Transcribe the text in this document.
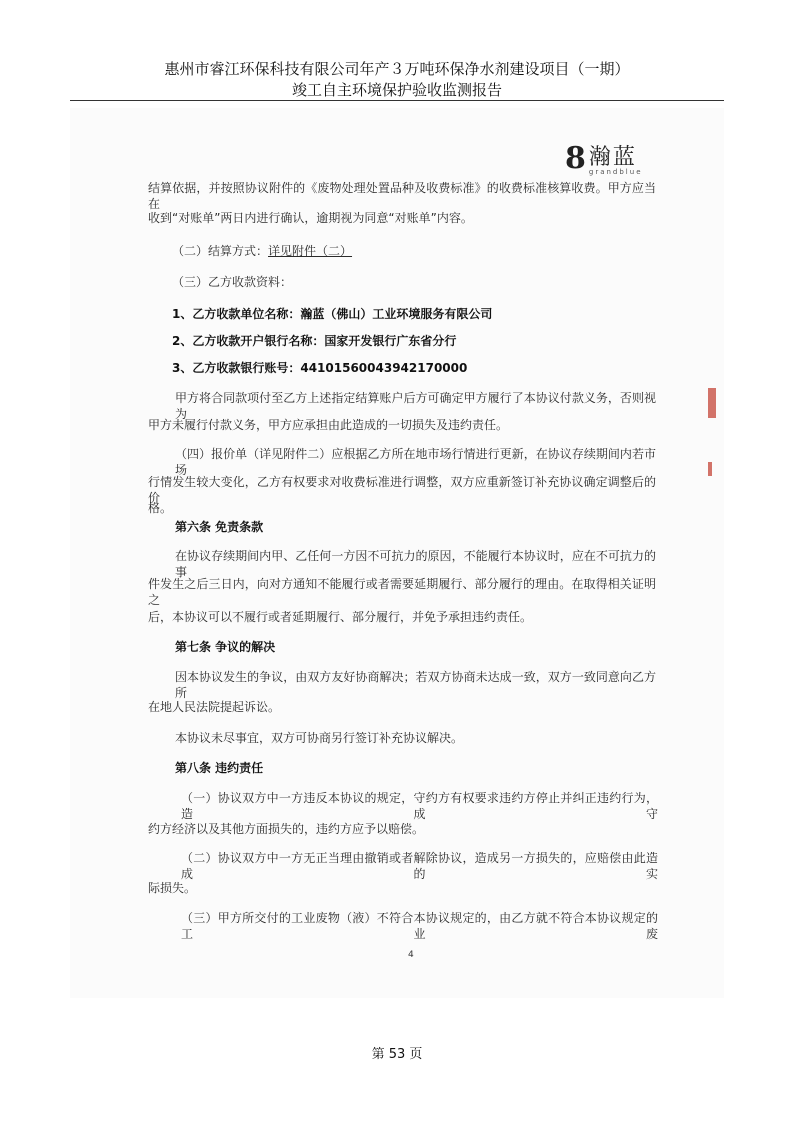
惠州市睿江环保科技有限公司年产３万吨环保净水剂建设项目（一期）
竣工自主环境保护验收监测报告
8 瀚蓝
grandblue
结算依据，并按照协议附件的《废物处理处置品种及收费标准》的收费标准核算收费。甲方应当在
收到“对账单”两日内进行确认，逾期视为同意“对账单”内容。
（二）结算方式：详见附件（二）
（三）乙方收款资料：
1、乙方收款单位名称：瀚蓝（佛山）工业环境服务有限公司
2、乙方收款开户银行名称：国家开发银行广东省分行
3、乙方收款银行账号：44101560043942170000
甲方将合同款项付至乙方上述指定结算账户后方可确定甲方履行了本协议付款义务，否则视为
甲方未履行付款义务，甲方应承担由此造成的一切损失及违约责任。
（四）报价单（详见附件二）应根据乙方所在地市场行情进行更新，在协议存续期间内若市场
行情发生较大变化，乙方有权要求对收费标准进行调整，双方应重新签订补充协议确定调整后的价
格。
第六条 免责条款
在协议存续期间内甲、乙任何一方因不可抗力的原因，不能履行本协议时，应在不可抗力的事
件发生之后三日内，向对方通知不能履行或者需要延期履行、部分履行的理由。在取得相关证明之
后，本协议可以不履行或者延期履行、部分履行，并免予承担违约责任。
第七条 争议的解决
因本协议发生的争议，由双方友好协商解决；若双方协商未达成一致，双方一致同意向乙方所
在地人民法院提起诉讼。
本协议未尽事宜，双方可协商另行签订补充协议解决。
第八条 违约责任
（一）协议双方中一方违反本协议的规定，守约方有权要求违约方停止并纠正违约行为，造成守
约方经济以及其他方面损失的，违约方应予以赔偿。
（二）协议双方中一方无正当理由撤销或者解除协议，造成另一方损失的，应赔偿由此造成的实
际损失。
（三）甲方所交付的工业废物（液）不符合本协议规定的，由乙方就不符合本协议规定的工业废
4
第 53 页
